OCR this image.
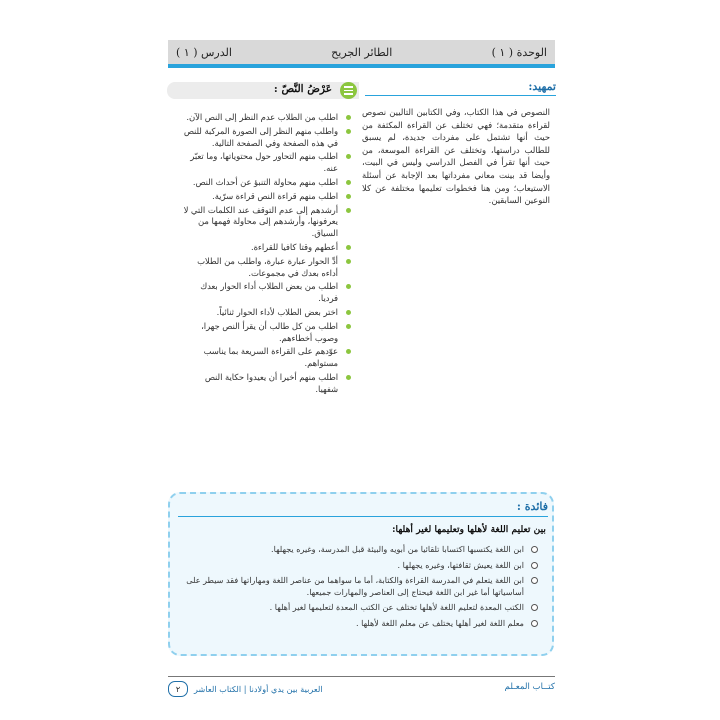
الوحدة ( ١ )
الطائر الجريح
الدرس ( ١ )
تمهيد:
النصوص في هذا الكتاب، وفي الكتابين التاليين نصوص لقراءة متقدمة؛ فهي تختلف عن القراءة المكثفة من حيث أنها تشتمل على مفردات جديدة، لم يسبق للطالب دراستها، وتختلف عن القراءة الموسعة، من حيث أنها تقرأ في الفصل الدراسي وليس في البيت، وأيضا قد بينت معاني مفرداتها بعد الإجابة عن أسئلة الاستيعاب؛ ومن هنا فخطوات تعليمها مختلفة عن كلا النوعين السابقين.
عَرْضُ النَّصّ :
اطلب من الطلاب عدم النظر إلى النص الآن.
واطلب منهم النظر إلى الصورة المركبة للنص في هذه الصفحة وفي الصفحة التالية.
اطلب منهم التحاور حول محتوياتها، وما تعبّر عنه.
اطلب منهم محاولة التنبؤ عن أحداث النص.
اطلب منهم قراءة النص قراءة سرّية.
أرشدهم إلى عدم التوقف عند الكلمات التي لا يعرفونها، وأرشدهم إلى محاولة فهمها من السياق.
أعطهم وقتا كافيا للقراءة.
أدِّ الحوار عبارة عبارة، واطلب من الطلاب أداءه بعدك في مجموعات.
اطلب من بعض الطلاب أداء الحوار بعدك فرديا.
اختر بعض الطلاب لأداء الحوار ثنائياً.
اطلب من كل طالب أن يقرأ النص جهرا، وصوب أخطاءهم.
عوّدهم على القراءة السريعة بما يناسب مستواهم.
اطلب منهم أخيرا أن يعيدوا حكاية النص شفهيا.
فائدة :
بين تعليم اللغة لأهلها وتعليمها لغير أهلها:
ابن اللغة يكتسبها اكتسابا تلقائيا من أبويه والبيئة قبل المدرسة، وغيره يجهلها.
ابن اللغة يعيش ثقافتها، وغيره يجهلها .
ابن اللغة يتعلم في المدرسة القراءة والكتابة، أما ما سواهما من عناصر اللغة ومهاراتها فقد سيطر على أساسياتها أما غير ابن اللغة فيحتاج إلى العناصر والمهارات جميعها.
الكتب المعدة لتعليم اللغة لأهلها تختلف عن الكتب المعدة لتعليمها لغير أهلها .
معلم اللغة لغير أهلها يختلف عن معلم اللغة لأهلها .
العربية بين يدي أولادنا | الكتاب العاشر
٢	كتــاب المعـلم
